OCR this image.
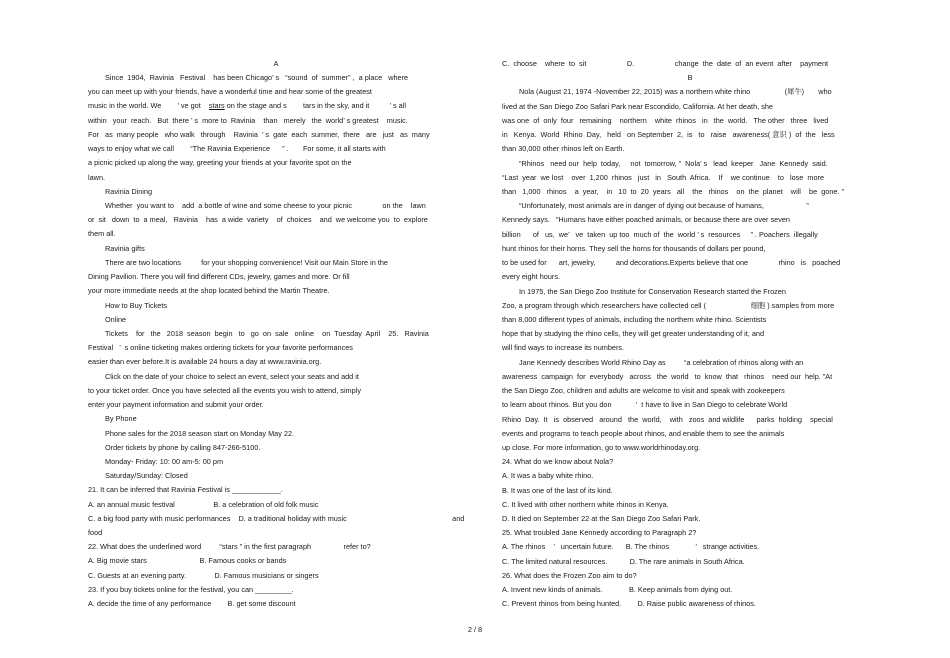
A
Since  1904,  Ravinia   Festival    has been Chicago’ s   “sound  of  summer” ,  a place   where
you can meet up with your friends, have a wonderful time and hear some of the greatest
music in the world. We        ’ ve got    stars on the stage and s        tars in the sky, and it          ’ s all
within   your  reach.   But  there ’ s  more to  Ravinia    than   merely   the  world’ s greatest    music.
For   as  many people   who walk   through    Ravinia  ’ s  gate  each  summer,  there   are   just   as  many
ways to enjoy what we call        “The Ravinia Experience      ” .       For some, it all starts with
a picnic picked up along the way, greeting your friends at your favorite spot on the
lawn.
Ravinia Dining
Whether  you want to    add  a bottle of wine and some cheese to your picnic               on the    lawn
or  sit   down  to  a meal,   Ravinia    has  a wide  variety    of  choices    and  we welcome you  to  explore
them all.
Ravinia gifts
There are two locations          for your shopping convenience! Visit our Main Store in the
Dining Pavilion. There you will find different CDs, jewelry, games and more. Or fill
your more immediate needs at the shop located behind the Martin Theatre.
How to Buy Tickets
Online
Tickets    for   the   2018  season  begin   to   go  on  sale   online    on  Tuesday  April    25.   Ravinia
Festival   ’  s online ticketing makes ordering tickets for your favorite performances
easier than ever before.It is available 24 hours a day at www.ravinia.org.
Click on the date of your choice to select an event, select your seats and add it
to your ticket order. Once you have selected all the events you wish to attend, simply
enter your payment information and submit your order.
By Phone
Phone sales for the 2018 season start on Monday May 22.
Order tickets by phone by calling 847-266-5100.
Monday- Friday: 10: 00 am-5: 00 pm
Saturday/Sunday: Closed
21. It can be inferred that Ravinia Festival is ____________.
A. an annual music festival                   B. a celebration of old folk music
C. a big food party with music performances    D. a traditional holiday with music                                                    and
food
22. What does the underlined word         “stars ” in the first paragraph                refer to?
A. Big movie stars                          B. Famous cooks or bands
C. Guests at an evening party.              D. Famous musicians or singers
23. If you buy tickets online for the festival, you can _________.
A. decide the time of any performance        B. get some discount
C.  choose    where  to  sit                    D.                    change  the  date  of  an event  after    payment
B
Nola (August 21, 1974 -November 22, 2015) was a northern white rhino                 (犀牛)       who
lived at the San Diego Zoo Safari Park near Escondido, California. At her death, she
was one  of  only  four   remaining    northern    white  rhinos   in   the  world.   The other   three   lived
in   Kenya.  World  Rhino  Day,   held   on September  2,  is   to   raise   awareness( 意识 )  of  the   less
than 30,000 other rhinos left on Earth.
“Rhinos   need our  help  today,     not  tomorrow, ”  Nola’ s   lead  keeper   Jane  Kennedy  said.
“Last  year  we lost    over  1,200  rhinos   just   in   South  Africa.    If    we continue    to   lose  more
than   1,000   rhinos    a  year,    in   10  to  20  years   all    the   rhinos    on  the  planet    will    be  gone. ”
“Unfortunately, most animals are in danger of dying out because of humans,                     ”
Kennedy says.   ”Humans have either poached animals, or because there are over seven
billion      of   us,  we’   ve  taken  up too  much of  the  world ’ s  resources     ” . Poachers  illegally
hunt rhinos for their horns. They sell the horns for thousands of dollars per pound,
to be used for      art, jewelry,          and decorations.Experts believe that one               rhino   is   poached
every eight hours.
In 1975, the San Diego Zoo Institute for Conservation Research started the Frozen
Zoo, a program through which researchers have collected cell (                      细胞 ) samples from more
than 8,000 different types of animals, including the northern white rhino. Scientists
hope that by studying the rhino cells, they will get greater understanding of it, and
will find ways to increase its numbers.
Jane Kennedy describes World Rhino Day as         “a celebration of rhinos along with an
awareness  campaign  for  everybody   across   the  world   to  know  that   rhinos    need our  help. ”At
the San Diego Zoo, children and adults are welcome to visit and speak with zookeepers
to learn about rhinos. But you don            ’  t have to live in San Diego to celebrate World
Rhino  Day.  It   is  observed   around   the  world,    with   zoos  and wildlife      parks  holding    special
events and programs to teach people about rhinos, and enable them to see the animals
up close. For more information, go to www.worldrhinoday.org.
24. What do we know about Nola?
A. It was a baby white rhino.
B. It was one of the last of its kind.
C. It lived with other northern white rhinos in Kenya.
D. It died on September 22 at the San Diego Zoo Safari Park.
25. What troubled Jane Kennedy according to Paragraph 2?
A. The rhinos    ’   uncertain future.      B. The rhinos             ’   strange activities.
C. The limited natural resources.           D. The rare animals in South Africa.
26. What does the Frozen Zoo aim to do?
A. Invent new kinds of animals.             B. Keep animals from dying out.
C. Prevent rhinos from being hunted.        D. Raise public awareness of rhinos.
2 / 8
